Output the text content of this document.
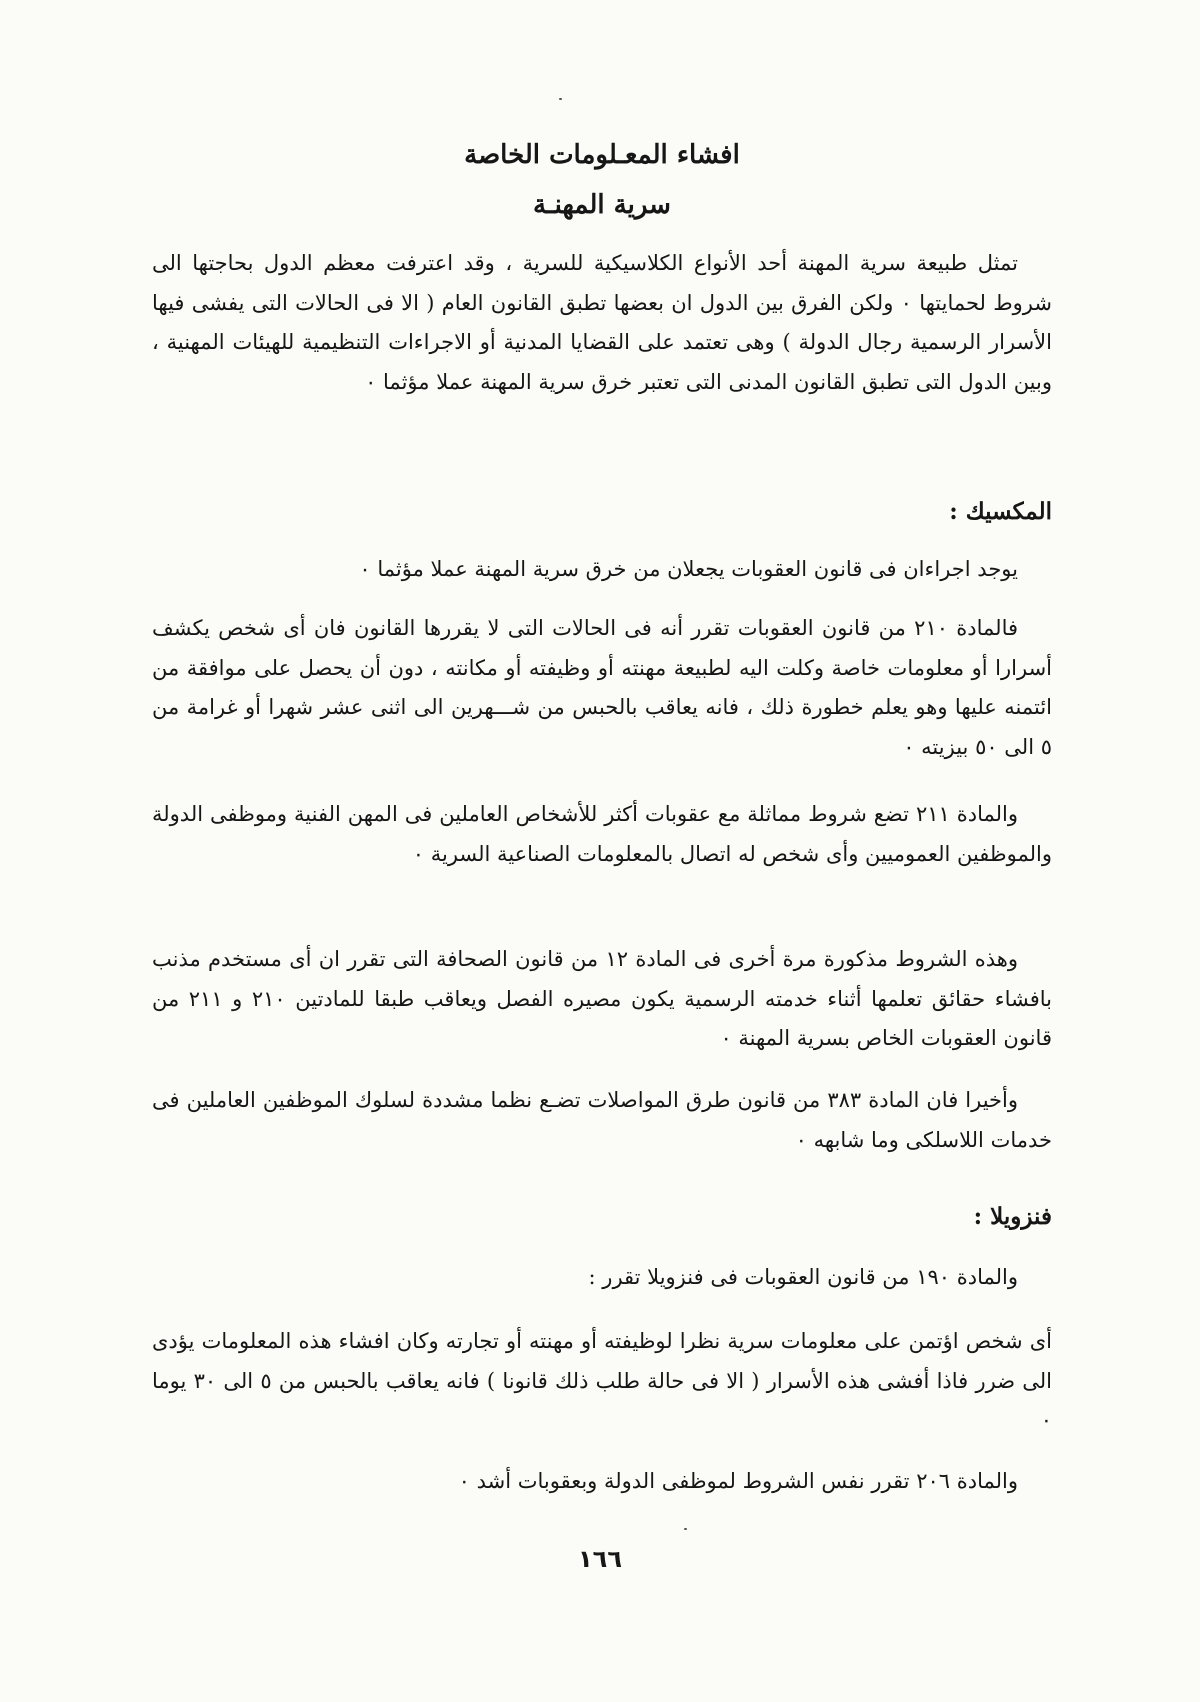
افشاء المعـلومات الخاصة

سرية المهنـة

تمثل طبيعة سرية المهنة أحد الأنواع الكلاسيكية للسرية ، وقد اعترفت معظم الدول بحاجتها الى شروط لحمايتها ٠ ولكن الفرق بين الدول ان بعضها تطبق القانون العام ( الا فى الحالات التى يفشى فيها الأسرار الرسمية رجال الدولة ) وهى تعتمد على القضايا المدنية أو الاجراءات التنظيمية للهيئات المهنية ، وبين الدول التى تطبق القانون المدنى التى تعتبر خرق سرية المهنة عملا مؤثما ٠

المكسيك :

يوجد اجراءان فى قانون العقوبات يجعلان من خرق سرية المهنة عملا مؤثما ٠

فالمادة ٢١٠ من قانون العقوبات تقرر أنه فى الحالات التى لا يقررها القانون فان أى شخص يكشف أسرارا أو معلومات خاصة وكلت اليه لطبيعة مهنته أو وظيفته أو مكانته ، دون أن يحصل على موافقة من ائتمنه عليها وهو يعلم خطورة ذلك ، فانه يعاقب بالحبس من شـــهرين الى اثنى عشر شهرا أو غرامة من ٥ الى ٥٠ بيزيته ٠

والمادة ٢١١ تضع شروط مماثلة مع عقوبات أكثر للأشخاص العاملين فى المهن الفنية وموظفى الدولة والموظفين العموميين وأى شخص له اتصال بالمعلومات الصناعية السرية ٠

وهذه الشروط مذكورة مرة أخرى فى المادة ١٢ من قانون الصحافة التى تقرر ان أى مستخدم مذنب بافشاء حقائق تعلمها أثناء خدمته الرسمية يكون مصيره الفصل ويعاقب طبقا للمادتين ٢١٠ و ٢١١ من قانون العقوبات الخاص بسرية المهنة ٠

وأخيرا فان المادة ٣٨٣ من قانون طرق المواصلات تضـع نظما مشددة لسلوك الموظفين العاملين فى خدمات اللاسلكى وما شابهه ٠

فنزويلا :

والمادة ١٩٠ من قانون العقوبات فى فنزويلا تقرر :

أى شخص اؤتمن على معلومات سرية نظرا لوظيفته أو مهنته أو تجارته وكان افشاء هذه المعلومات يؤدى الى ضرر فاذا أفشى هذه الأسرار ( الا فى حالة طلب ذلك قانونا ) فانه يعاقب بالحبس من ٥ الى ٣٠ يوما ٠

والمادة ٢٠٦ تقرر نفس الشروط لموظفى الدولة وبعقوبات أشد ٠

١٦٦
